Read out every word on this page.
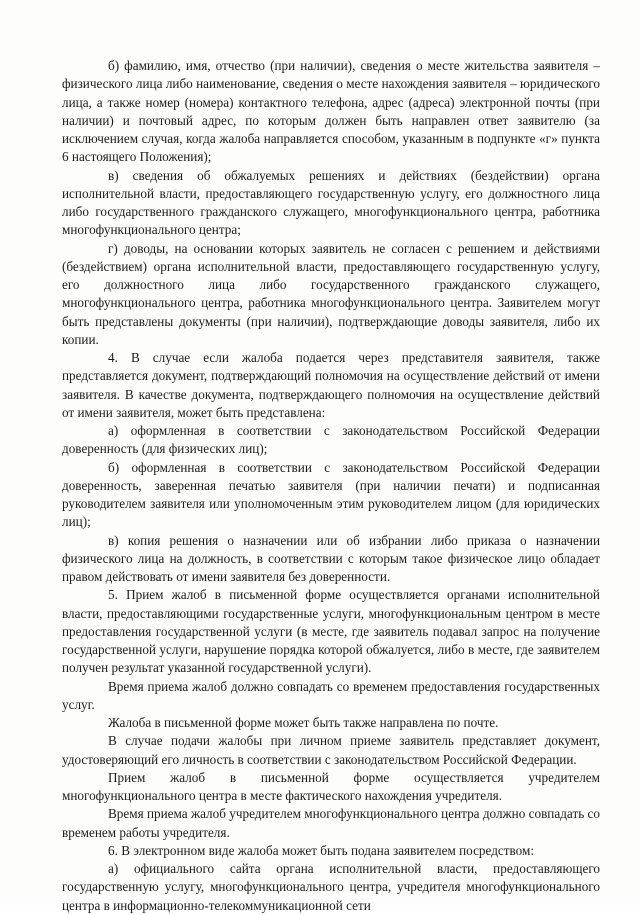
б) фамилию, имя, отчество (при наличии), сведения о месте жительства заявителя – физического лица либо наименование, сведения о месте нахождения заявителя – юридического лица, а также номер (номера) контактного телефона, адрес (адреса) электронной почты (при наличии) и почтовый адрес, по которым должен быть направлен ответ заявителю (за исключением случая, когда жалоба направляется способом, указанным в подпункте «г» пункта 6 настоящего Положения);

в) сведения об обжалуемых решениях и действиях (бездействии) органа исполнительной власти, предоставляющего государственную услугу, его должностного лица либо государственного гражданского служащего, многофункционального центра, работника многофункционального центра;

г) доводы, на основании которых заявитель не согласен с решением и действиями (бездействием) органа исполнительной власти, предоставляющего государственную услугу, его должностного лица либо государственного гражданского служащего, многофункционального центра, работника многофункционального центра. Заявителем могут быть представлены документы (при наличии), подтверждающие доводы заявителя, либо их копии.

4. В случае если жалоба подается через представителя заявителя, также представляется документ, подтверждающий полномочия на осуществление действий от имени заявителя. В качестве документа, подтверждающего полномочия на осуществление действий от имени заявителя, может быть представлена:

а) оформленная в соответствии с законодательством Российской Федерации доверенность (для физических лиц);

б) оформленная в соответствии с законодательством Российской Федерации доверенность, заверенная печатью заявителя (при наличии печати) и подписанная руководителем заявителя или уполномоченным этим руководителем лицом (для юридических лиц);

в) копия решения о назначении или об избрании либо приказа о назначении физического лица на должность, в соответствии с которым такое физическое лицо обладает правом действовать от имени заявителя без доверенности.

5. Прием жалоб в письменной форме осуществляется органами исполнительной власти, предоставляющими государственные услуги, многофункциональным центром в месте предоставления государственной услуги (в месте, где заявитель подавал запрос на получение государственной услуги, нарушение порядка которой обжалуется, либо в месте, где заявителем получен результат указанной государственной услуги).

Время приема жалоб должно совпадать со временем предоставления государственных услуг.

Жалоба в письменной форме может быть также направлена по почте.

В случае подачи жалобы при личном приеме заявитель представляет документ, удостоверяющий его личность в соответствии с законодательством Российской Федерации.

Прием жалоб в письменной форме осуществляется учредителем многофункционального центра в месте фактического нахождения учредителя.

Время приема жалоб учредителем многофункционального центра должно совпадать со временем работы учредителя.

6. В электронном виде жалоба может быть подана заявителем посредством:

а) официального сайта органа исполнительной власти, предоставляющего государственную услугу, многофункционального центра, учредителя многофункционального центра в информационно-телекоммуникационной сети
